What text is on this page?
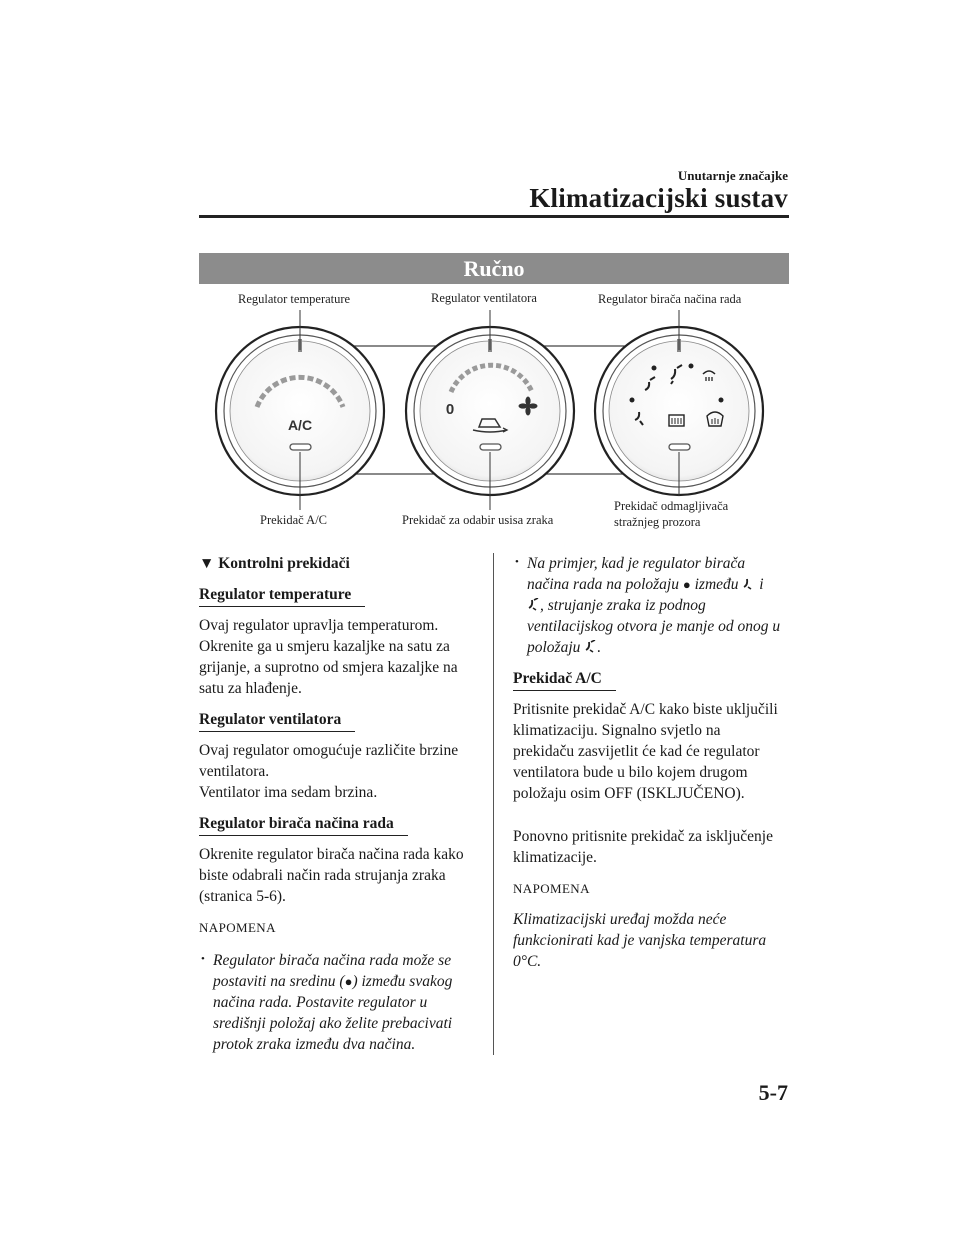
Unutarnje značajke
Klimatizacijski sustav
Ručno
A/C
0
Regulator temperature	Regulator ventilatora	Regulator birača načina rada
Prekidač A/C	Prekidač za odabir usisa zraka
Prekidač odmagljivača
stražnjeg prozora

▼ Kontrolni prekidači

Regulator temperature

Ovaj regulator upravlja temperaturom. Okrenite ga u smjeru kazaljke na satu za grijanje, a suprotno od smjera kazaljke na satu za hlađenje.

Regulator ventilatora

Ovaj regulator omogućuje različite brzine ventilatora.

Ventilator ima sedam brzina.

Regulator birača načina rada

Okrenite regulator birača načina rada kako biste odabrali način rada strujanja zraka (stranica 5-6).

NAPOMENA

• Regulator birača načina rada može se postaviti na sredinu (●) između svakog načina rada. Postavite regulator u središnji položaj ako želite prebacivati protok zraka između dva načina.

• Na primjer, kad je regulator birača načina rada na položaju ● između  i
, strujanje zraka iz podnog ventilacijskog otvora je manje od onog u položaju .

Prekidač A/C

Pritisnite prekidač A/C kako biste uključili klimatizaciju. Signalno svjetlo na prekidaču zasvijetlit će kad će regulator ventilatora bude u bilo kojem drugom položaju osim OFF (ISKLJUČENO).

Ponovno pritisnite prekidač za isključenje klimatizacije.

NAPOMENA

Klimatizacijski uređaj možda neće funkcionirati kad je vanjska temperatura 0°C.

5-7
